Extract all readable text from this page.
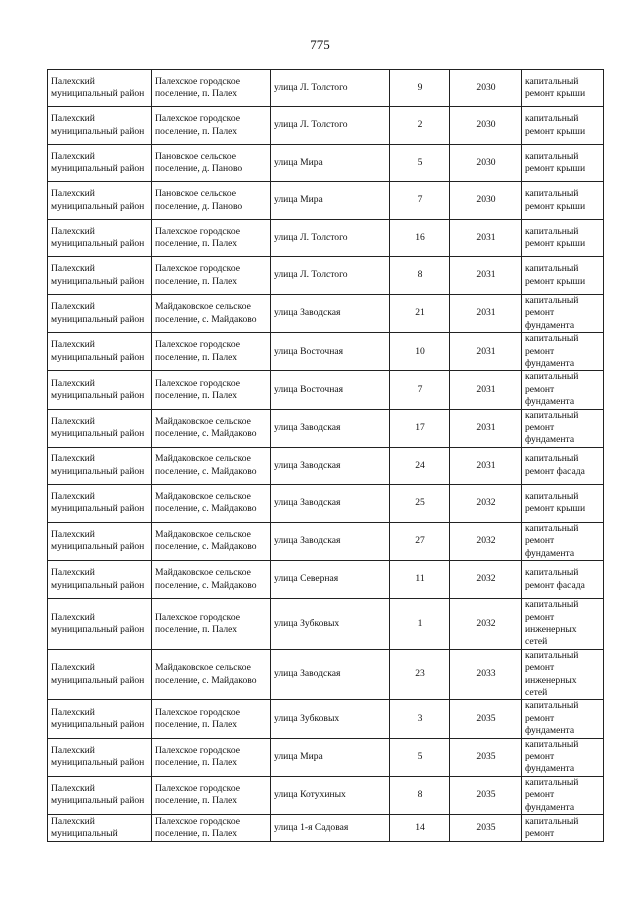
775
Палехский муниципальный район	Палехское городское поселение, п. Палех	улица Л. Толстого	9	2030	капитальный ремонт крыши
Палехский муниципальный район	Палехское городское поселение, п. Палех	улица Л. Толстого	2	2030	капитальный ремонт крыши
Палехский муниципальный район	Пановское сельское поселение, д. Паново	улица Мира	5	2030	капитальный ремонт крыши
Палехский муниципальный район	Пановское сельское поселение, д. Паново	улица Мира	7	2030	капитальный ремонт крыши
Палехский муниципальный район	Палехское городское поселение, п. Палех	улица Л. Толстого	16	2031	капитальный ремонт крыши
Палехский муниципальный район	Палехское городское поселение, п. Палех	улица Л. Толстого	8	2031	капитальный ремонт крыши
Палехский муниципальный район	Майдаковское сельское поселение, с. Майдаково	улица Заводская	21	2031	капитальный ремонт фундамента
Палехский муниципальный район	Палехское городское поселение, п. Палех	улица Восточная	10	2031	капитальный ремонт фундамента
Палехский муниципальный район	Палехское городское поселение, п. Палех	улица Восточная	7	2031	капитальный ремонт фундамента
Палехский муниципальный район	Майдаковское сельское поселение, с. Майдаково	улица Заводская	17	2031	капитальный ремонт фундамента
Палехский муниципальный район	Майдаковское сельское поселение, с. Майдаково	улица Заводская	24	2031	капитальный ремонт фасада
Палехский муниципальный район	Майдаковское сельское поселение, с. Майдаково	улица Заводская	25	2032	капитальный ремонт крыши
Палехский муниципальный район	Майдаковское сельское поселение, с. Майдаково	улица Заводская	27	2032	капитальный ремонт фундамента
Палехский муниципальный район	Майдаковское сельское поселение, с. Майдаково	улица Северная	11	2032	капитальный ремонт фасада
Палехский муниципальный район	Палехское городское поселение, п. Палех	улица Зубковых	1	2032	капитальный ремонт инженерных сетей
Палехский муниципальный район	Майдаковское сельское поселение, с. Майдаково	улица Заводская	23	2033	капитальный ремонт инженерных сетей
Палехский муниципальный район	Палехское городское поселение, п. Палех	улица Зубковых	3	2035	капитальный ремонт фундамента
Палехский муниципальный район	Палехское городское поселение, п. Палех	улица Мира	5	2035	капитальный ремонт фундамента
Палехский муниципальный район	Палехское городское поселение, п. Палех	улица Котухиных	8	2035	капитальный ремонт фундамента
Палехский муниципальный	Палехское городское поселение, п. Палех	улица 1-я Садовая	14	2035	капитальный ремонт
